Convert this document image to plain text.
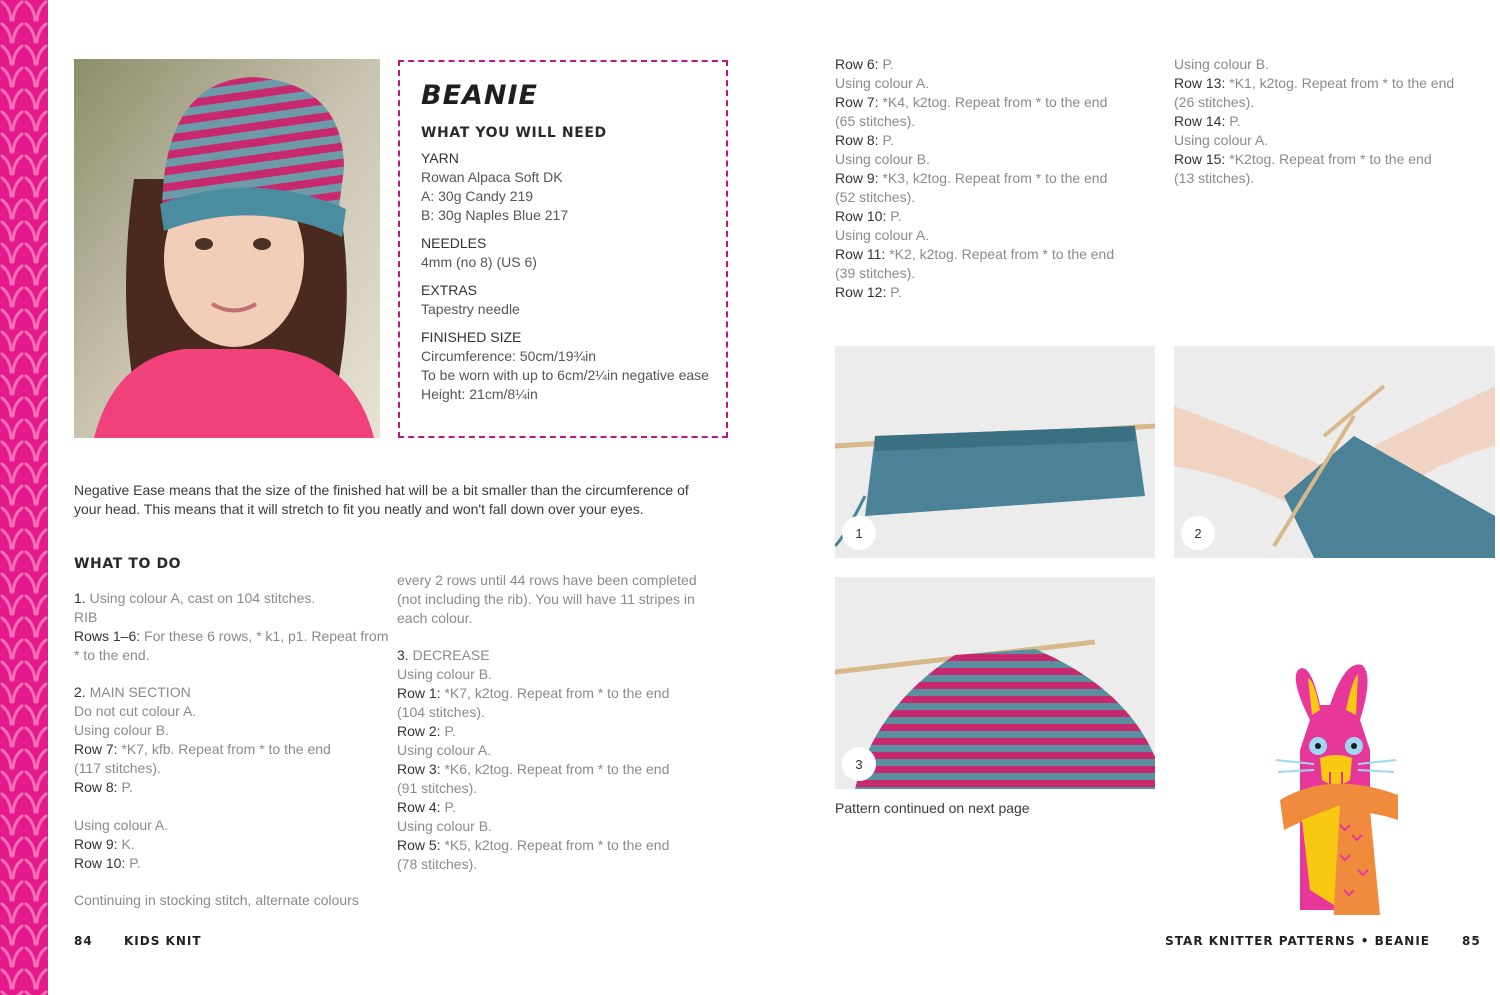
BEANIE
WHAT YOU WILL NEED
YARN
Rowan Alpaca Soft DK
A: 30g Candy 219
B: 30g Naples Blue 217
NEEDLES
4mm (no 8) (US 6)
EXTRAS
Tapestry needle
FINISHED SIZE
Circumference: 50cm/19¾in
To be worn with up to 6cm/2¼in negative ease
Height: 21cm/8¼in
Negative Ease means that the size of the finished hat will be a bit smaller than the circumference of
your head. This means that it will stretch to fit you neatly and won't fall down over your eyes.
WHAT TO DO
1. Using colour A, cast on 104 stitches.
RIB
Rows 1–6: For these 6 rows, * k1, p1. Repeat from
* to the end.
2. MAIN SECTION
Do not cut colour A.
Using colour B.
Row 7: *K7, kfb. Repeat from * to the end
(117 stitches).
Row 8: P.
Using colour A.
Row 9: K.
Row 10: P.
Continuing in stocking stitch, alternate colours
every 2 rows until 44 rows have been completed
(not including the rib). You will have 11 stripes in
each colour.
3. DECREASE
Using colour B.
Row 1: *K7, k2tog. Repeat from * to the end
(104 stitches).
Row 2: P.
Using colour A.
Row 3: *K6, k2tog. Repeat from * to the end
(91 stitches).
Row 4: P.
Using colour B.
Row 5: *K5, k2tog. Repeat from * to the end
(78 stitches).
Row 6: P.
Using colour A.
Row 7: *K4, k2tog. Repeat from * to the end
(65 stitches).
Row 8: P.
Using colour B.
Row 9: *K3, k2tog. Repeat from * to the end
(52 stitches).
Row 10: P.
Using colour A.
Row 11: *K2, k2tog. Repeat from * to the end
(39 stitches).
Row 12: P.
Using colour B.
Row 13: *K1, k2tog. Repeat from * to the end
(26 stitches).
Row 14: P.
Using colour A.
Row 15: *K2tog. Repeat from * to the end
(13 stitches).
1	2
3
Pattern continued on next page
84	KIDS KNIT	STAR KNITTER PATTERNS • BEANIE	85
